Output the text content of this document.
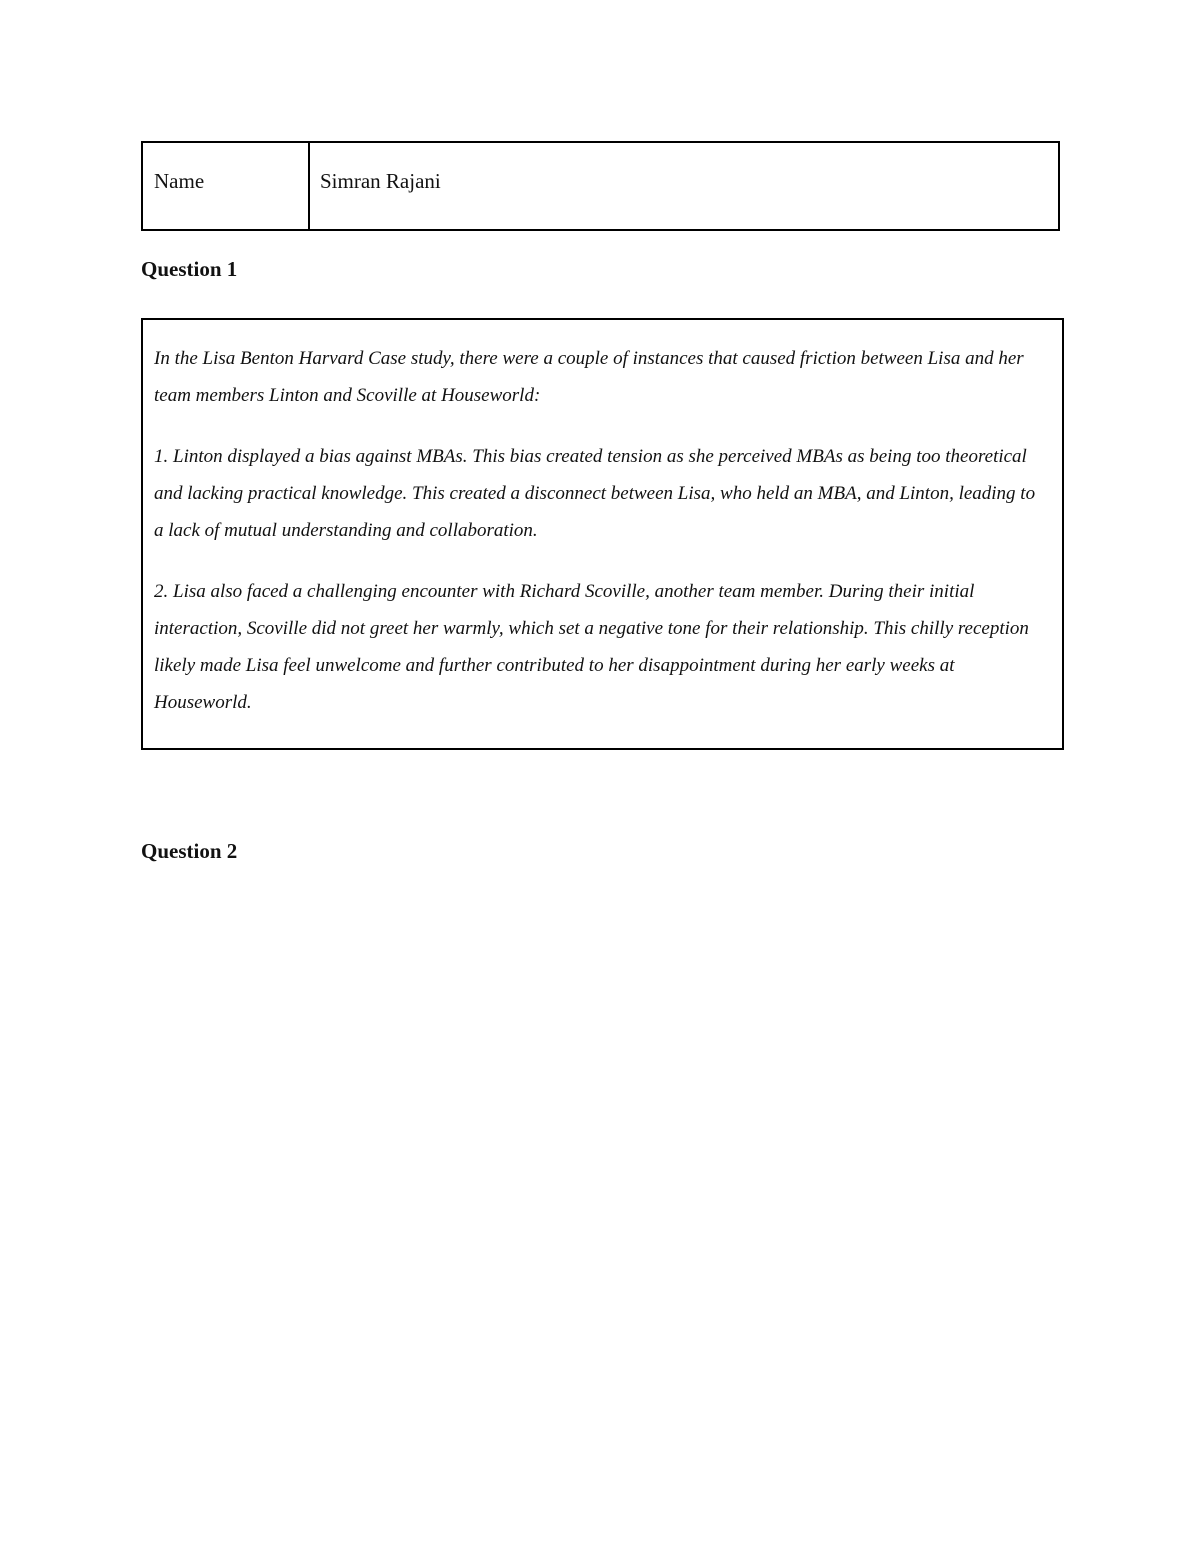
Name	Simran Rajani
Question 1

In the Lisa Benton Harvard Case study, there were a couple of instances that caused friction between Lisa and her team members Linton and Scoville at Houseworld:

1. Linton displayed a bias against MBAs. This bias created tension as she perceived MBAs as being too theoretical and lacking practical knowledge. This created a disconnect between Lisa, who held an MBA, and Linton, leading to a lack of mutual understanding and collaboration.

2. Lisa also faced a challenging encounter with Richard Scoville, another team member. During their initial interaction, Scoville did not greet her warmly, which set a negative tone for their relationship. This chilly reception likely made Lisa feel unwelcome and further contributed to her disappointment during her early weeks at Houseworld.

Question 2
